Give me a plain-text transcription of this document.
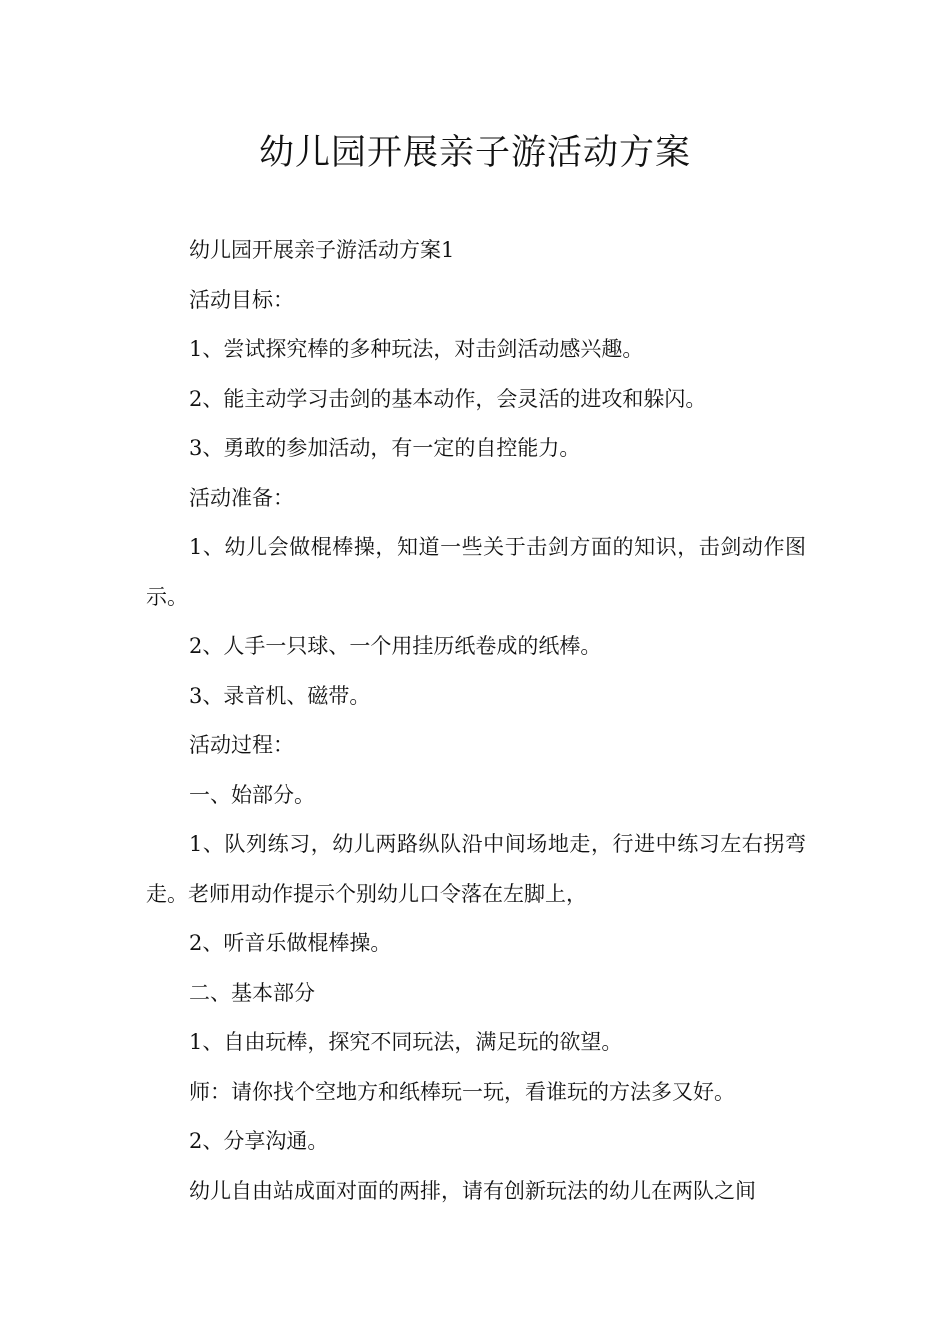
幼儿园开展亲子游活动方案

幼儿园开展亲子游活动方案1

活动目标：

1、尝试探究棒的多种玩法，对击剑活动感兴趣。

2、能主动学习击剑的基本动作，会灵活的进攻和躲闪。

3、勇敢的参加活动，有一定的自控能力。

活动准备：

1、幼儿会做棍棒操，知道一些关于击剑方面的知识，击剑动作图示。

2、人手一只球、一个用挂历纸卷成的纸棒。

3、录音机、磁带。

活动过程：

一、始部分。

1、队列练习，幼儿两路纵队沿中间场地走，行进中练习左右拐弯走。老师用动作提示个别幼儿口令落在左脚上，

2、听音乐做棍棒操。

二、基本部分

1、自由玩棒，探究不同玩法，满足玩的欲望。

师：请你找个空地方和纸棒玩一玩，看谁玩的方法多又好。

2、分享沟通。

幼儿自由站成面对面的两排，请有创新玩法的幼儿在两队之间
